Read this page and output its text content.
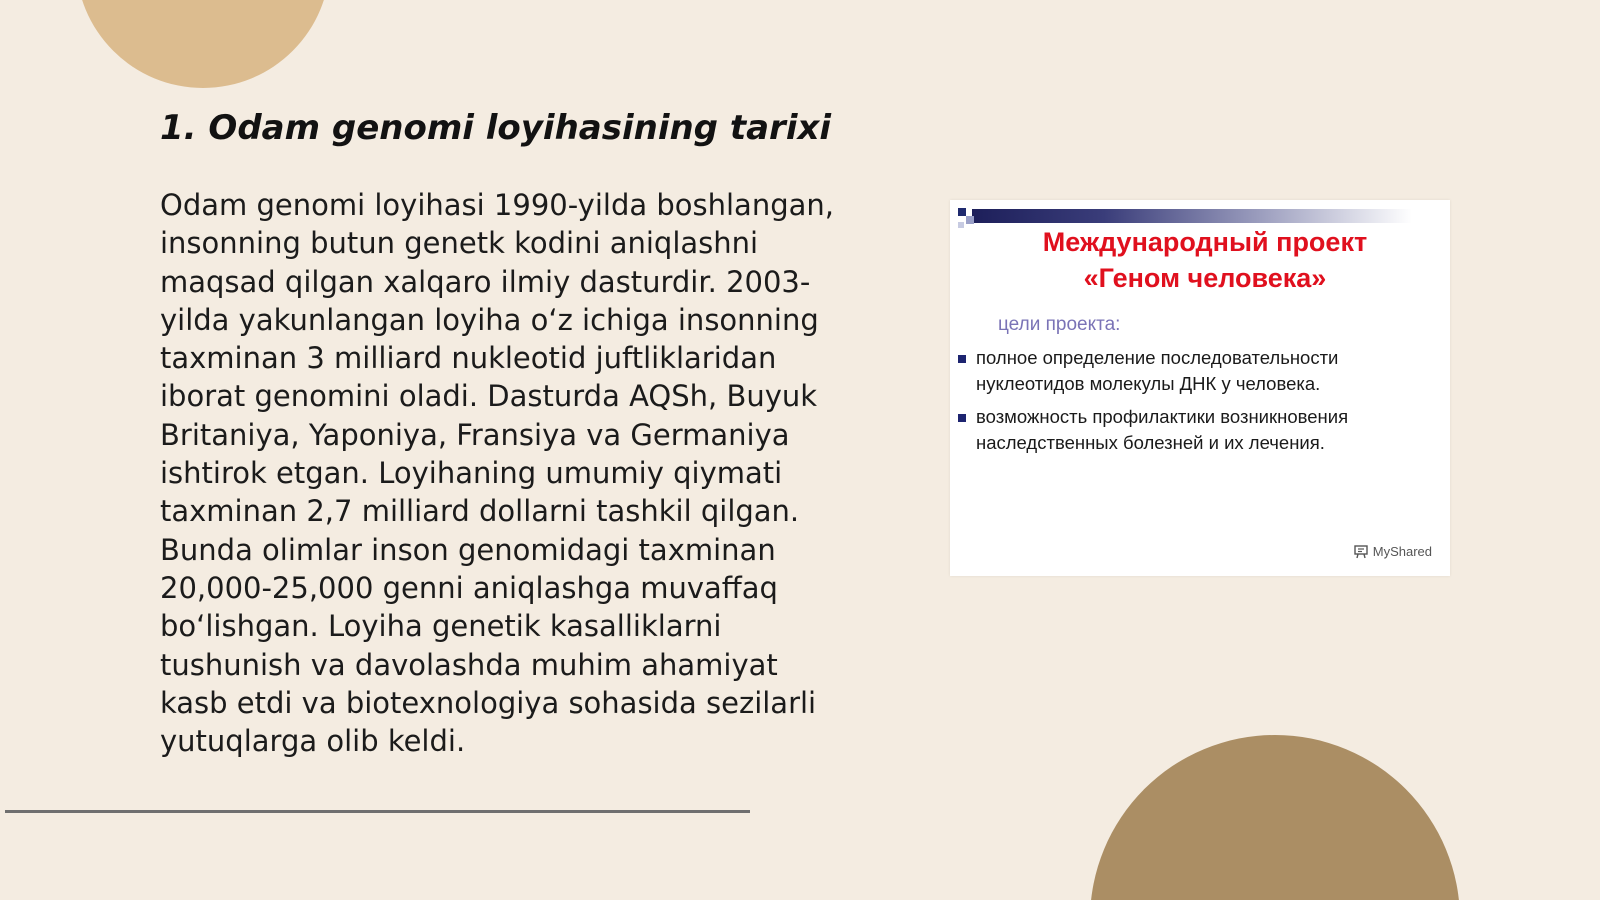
1. Odam genomi loyihasining tarixi

Odam genomi loyihasi 1990-yilda boshlangan, insonning butun genetk kodini aniqlashni maqsad qilgan xalqaro ilmiy dasturdir. 2003-yilda yakunlangan loyiha oʻz ichiga insonning taxminan 3 milliard nukleotid juftliklaridan iborat genomini oladi. Dasturda AQSh, Buyuk Britaniya, Yaponiya, Fransiya va Germaniya ishtirok etgan. Loyihaning umumiy qiymati taxminan 2,7 milliard dollarni tashkil qilgan. Bunda olimlar inson genomidagi taxminan 20,000-25,000 genni aniqlashga muvaffaq boʻlishgan. Loyiha genetik kasalliklarni tushunish va davolashda muhim ahamiyat kasb etdi va biotexnologiya sohasida sezilarli yutuqlarga olib keldi.

Международный проект
«Геном человека»

цели проекта:

полное определение последовательности нуклеотидов молекулы ДНК у человека.
возможность профилактики возникновения наследственных болезней и их лечения.
MyShared
